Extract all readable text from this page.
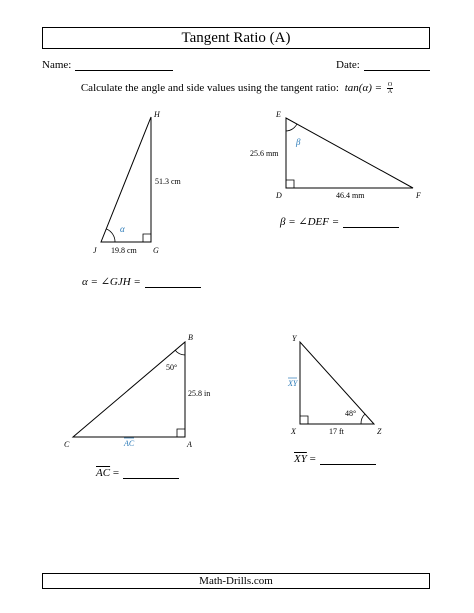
Tangent Ratio (A)
Name:	Date:
Calculate the angle and side values using the tangent ratio: $\tan(\alpha) = \frac{O}{A}$
H
J	G
51.3 cm
19.8 cm
α
E
D	F
25.6 mm
46.4 mm
β
B
C	A
50°
25.8 in
AC
Y
X	Z
48°
17 ft
XY
α = ∠GJH =
β = ∠DEF =
$\overline{AC}$ =
$\overline{XY}$ =
Math-Drills.com
